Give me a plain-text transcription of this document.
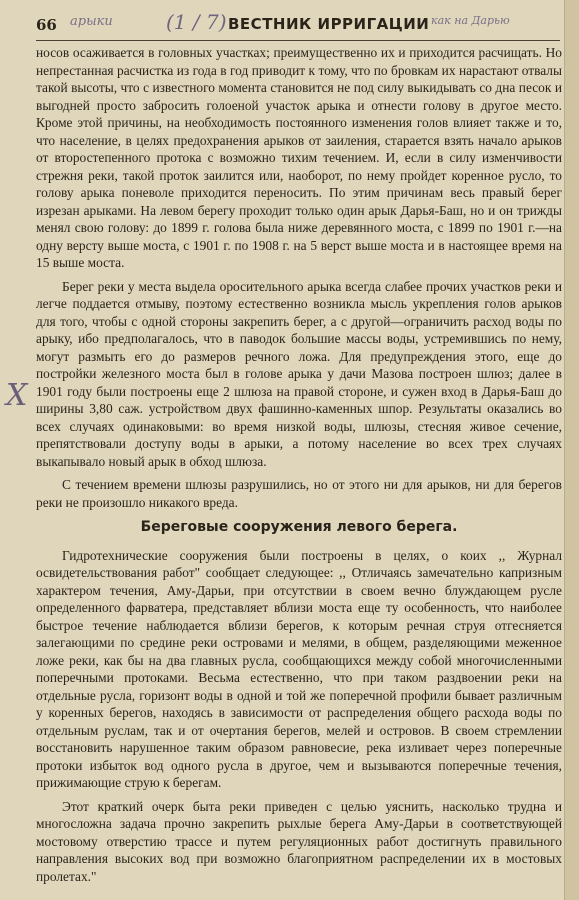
66 арыки	(1 / 7) ВЕСТНИК ИРРИГАЦИИ как на Дарью
Х

носов осаживается в головных участках; преимущественно их и приходится расчищать. Но непрестанная расчистка из года в год приводит к тому, что по бровкам их нарастают отвалы такой высоты, что с известного момента становится не под силу выкидывать со дна песок и выгодней просто забросить голоеной участок арыка и отнести голову в другое место. Кроме этой причины, на необходимость постоянного изменения голов влияет также и то, что население, в целях предохранения арыков от заиления, старается взять начало арыков от второстепенного протока с возможно тихим течением. И, если в силу изменчивости стрежня реки, такой проток заилится или, наоборот, по нему пройдет коренное русло, то голову арыка поневоле приходится переносить. По этим причинам весь правый берег изрезан арыками. На левом берегу проходит только один арык Дарья-Баш, но и он трижды менял свою голову: до 1899 г. голова была ниже деревянного моста, с 1899 по 1901 г.—на одну версту выше моста, с 1901 г. по 1908 г. на 5 верст выше моста и в настоящее время на 15 выше моста.

Берег реки у места выдела оросительного арыка всегда слабее прочих участков реки и легче поддается отмыву, поэтому естественно возникла мысль укрепления голов арыков для того, чтобы с одной стороны закрепить берег, а с другой—ограничить расход воды по арыку, ибо предполагалось, что в паводок большие массы воды, устремившись по нему, могут размыть его до размеров речного ложа. Для предупреждения этого, еще до постройки железного моста был в голове арыка у дачи Мазова построен шлюз; далее в 1901 году были построены еще 2 шлюза на правой стороне, и сужен вход в Дарья-Баш до ширины 3,80 саж. устройством двух фашинно-каменных шпор. Результаты оказались во всех случаях одинаковыми: во время низкой воды, шлюзы, стесняя живое сечение, препятствовали доступу воды в арыки, а потому население во всех трех случаях выкапывало новый арык в обход шлюза.

С течением времени шлюзы разрушились, но от этого ни для арыков, ни для берегов реки не произошло никакого вреда.

Береговые сооружения левого берега.

Гидротехнические сооружения были построены в целях, о коих ,, Журнал освидетельствования работ" сообщает следующее: ,, Отличаясь замечательно капризным характером течения, Аму-Дарьи, при отсутствии в своем вечно блуждающем русле определенного фарватера, представляет вблизи моста еще ту особенность, что наиболее быстрое течение наблюдается вблизи берегов, к которым речная струя отгесняется залегающими по средине реки островами и мелями, в общем, разделяющими меженное ложе реки, как бы на два главных русла, сообщающихся между собой многочисленными поперечными протоками. Весьма естественно, что при таком раздвоении реки на отдельные русла, горизонт воды в одной и той же поперечной профили бывает различным у коренных берегов, находясь в зависимости от распределения общего расхода воды по отдельным руслам, так и от очертания берегов, мелей и островов. В своем стремлении восстановить нарушенное таким образом равновесие, река изливает через поперечные протоки избыток вод одного русла в другое, чем и вызываются поперечные течения, прижимающие струю к берегам.

Этот краткий очерк быта реки приведен с целью уяснить, насколько трудна и многосложна задача прочно закрепить рыхлые берега Аму-Дарьи в соответствующей мостовому отверстию трассе и путем регуляционных работ достигнуть правильного направления высоких вод при возможно благоприятном распределении их в мостовых пролетах."
